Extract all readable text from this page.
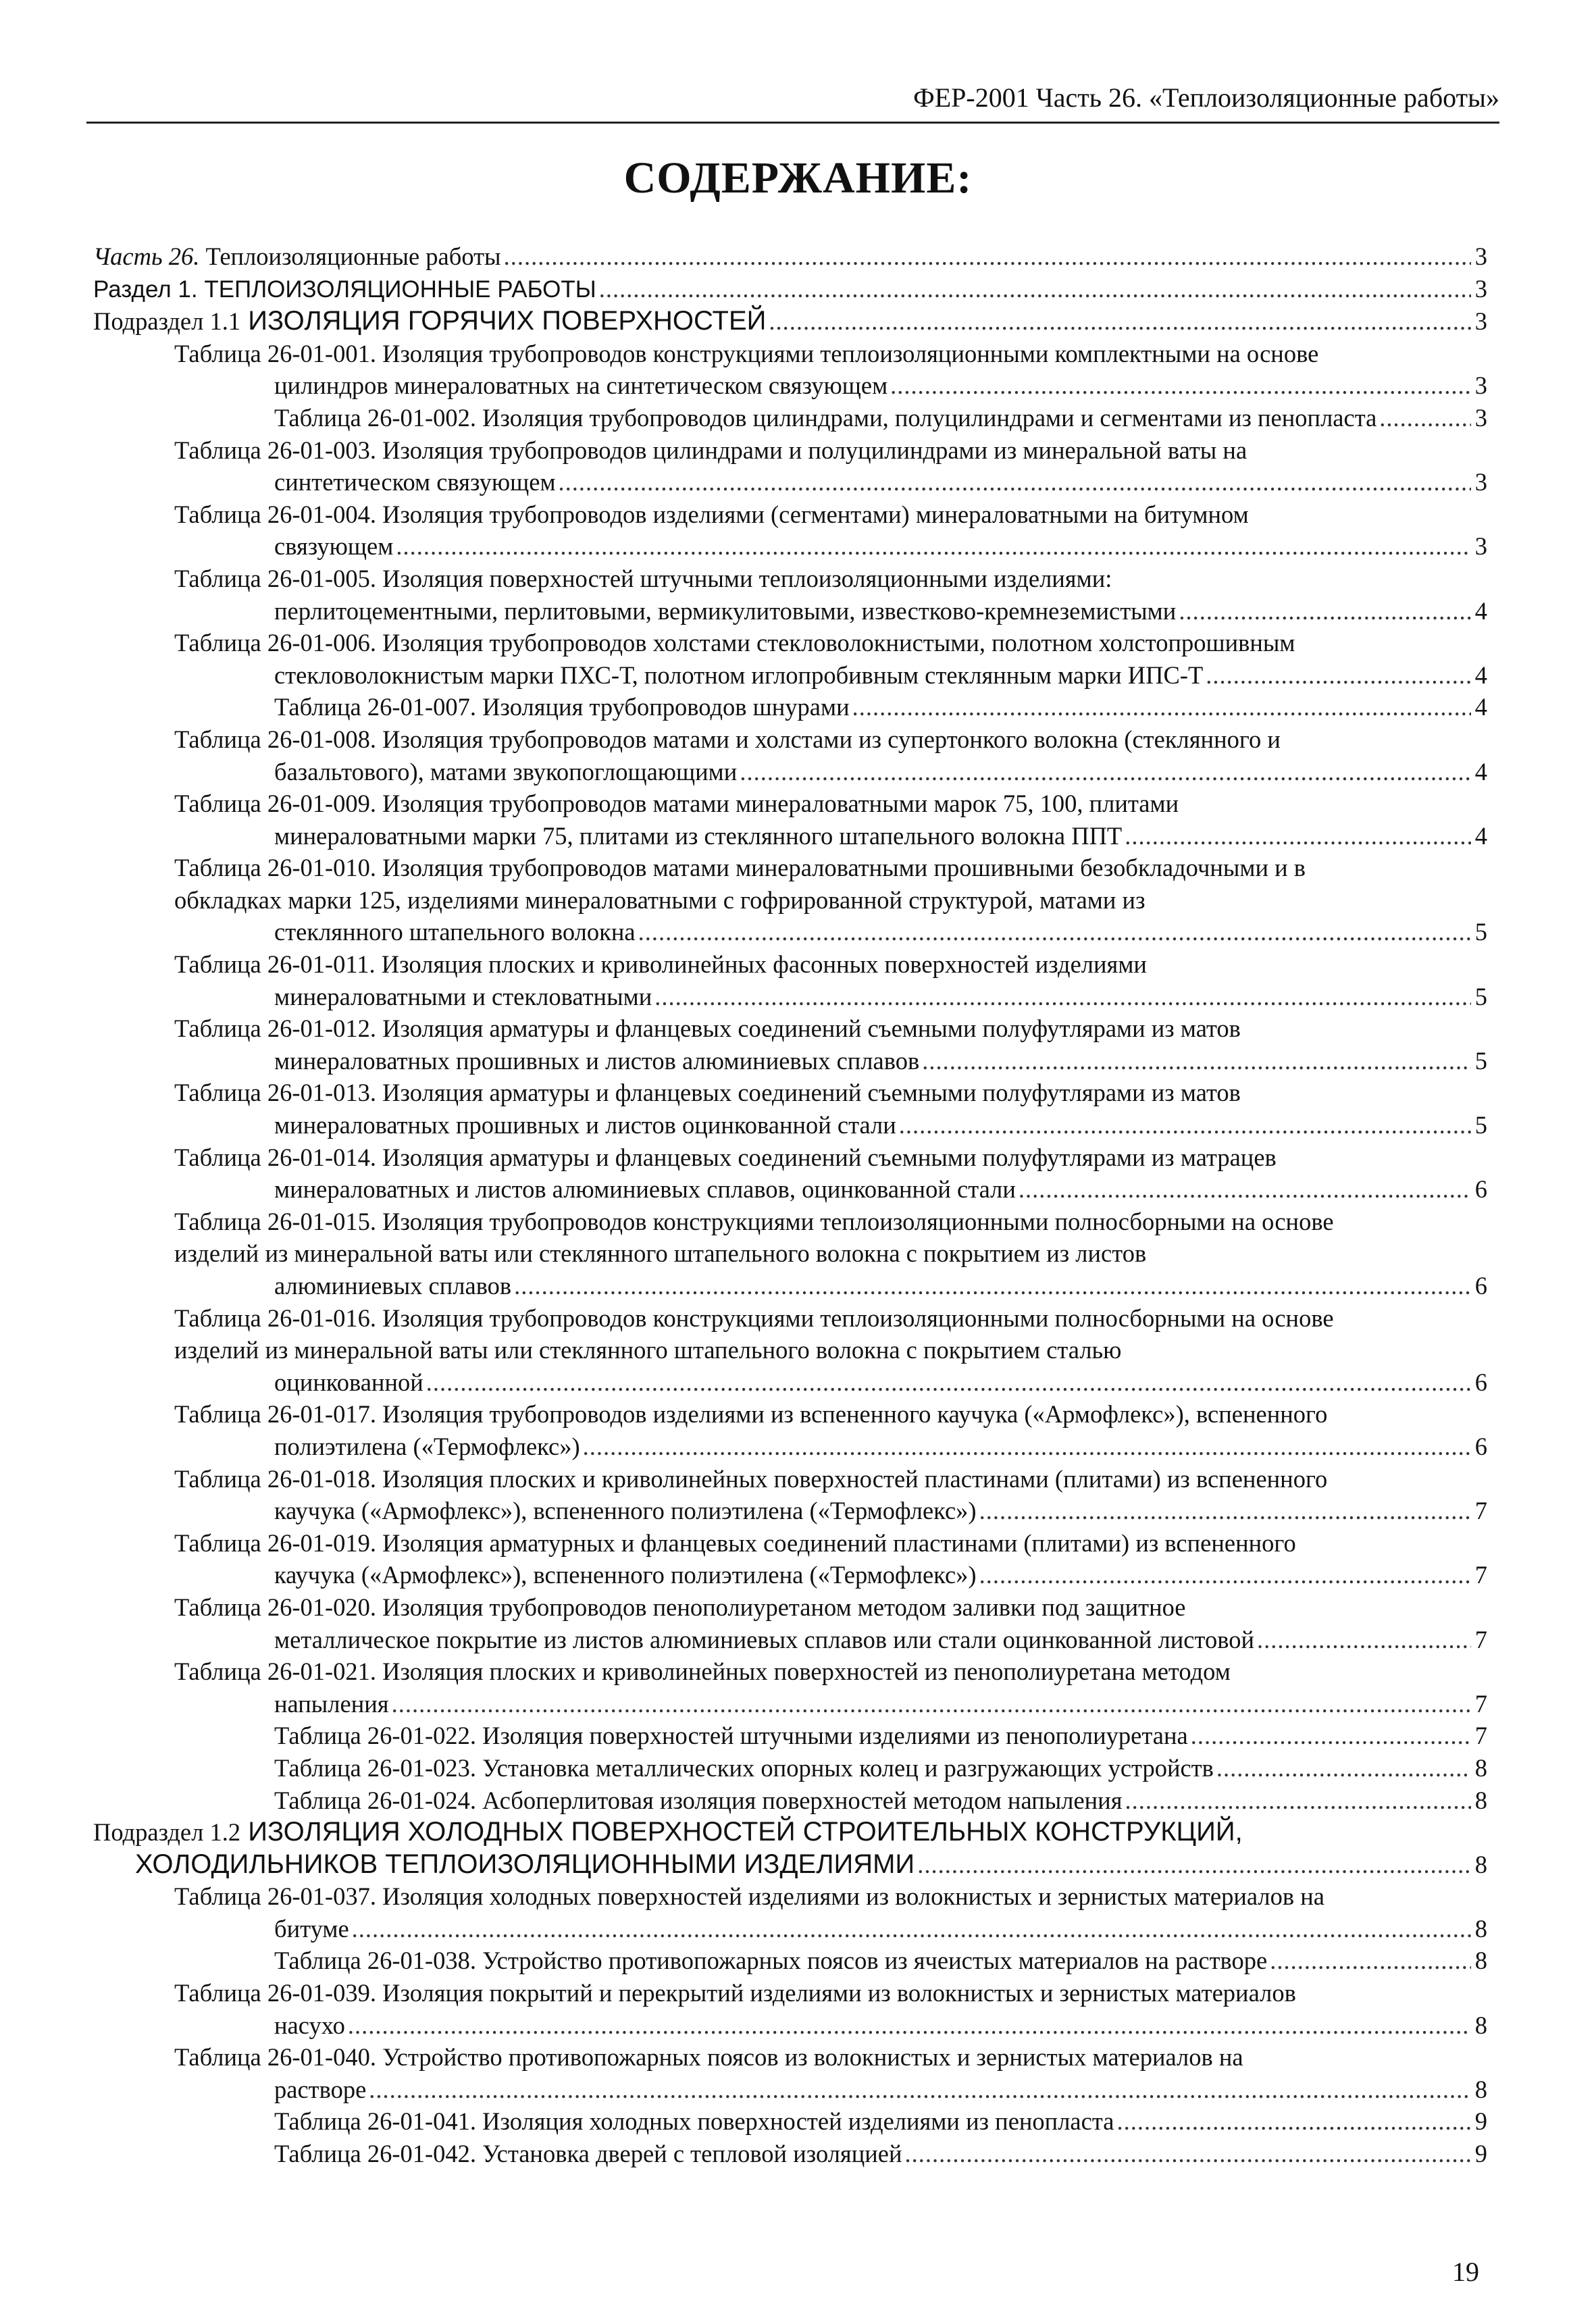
ФЕР-2001 Часть 26. «Теплоизоляционные работы»
СОДЕРЖАНИЕ:
Часть 26. Теплоизоляционные работы .....	3
Раздел 1. ТЕПЛОИЗОЛЯЦИОННЫЕ РАБОТЫ .....	3
Подраздел 1.1 ИЗОЛЯЦИЯ ГОРЯЧИХ ПОВЕРХНОСТЕЙ .....	3
Таблица 26-01-001. Изоляция трубопроводов конструкциями теплоизоляционными комплектными на основе
цилиндров минераловатных на синтетическом связующем .....	3
Таблица 26-01-002. Изоляция трубопроводов цилиндрами, полуцилиндрами и сегментами из пенопласта .....	3
Таблица 26-01-003. Изоляция трубопроводов цилиндрами и полуцилиндрами из минеральной ваты на
синтетическом связующем .....	3
Таблица 26-01-004. Изоляция трубопроводов изделиями (сегментами) минераловатными на битумном
связующем .....	3
Таблица 26-01-005. Изоляция поверхностей штучными теплоизоляционными изделиями:
перлитоцементными, перлитовыми, вермикулитовыми, известково-кремнеземистыми .....	4
Таблица 26-01-006. Изоляция трубопроводов холстами стекловолокнистыми, полотном холстопрошивным
стекловолокнистым марки ПХС-Т, полотном иглопробивным стеклянным марки ИПС-Т .....	4
Таблица 26-01-007. Изоляция трубопроводов шнурами .....	4
Таблица 26-01-008. Изоляция трубопроводов матами и холстами из супертонкого волокна (стеклянного и
базальтового), матами звукопоглощающими .....	4
Таблица 26-01-009. Изоляция трубопроводов матами минераловатными марок 75, 100, плитами
минераловатными марки 75, плитами из стеклянного штапельного волокна ППТ .....	4
Таблица 26-01-010. Изоляция трубопроводов матами минераловатными прошивными безобкладочными и в
обкладках марки 125, изделиями минераловатными с гофрированной структурой, матами из
стеклянного штапельного волокна .....	5
Таблица 26-01-011. Изоляция плоских и криволинейных фасонных поверхностей изделиями
минераловатными и стекловатными .....	5
Таблица 26-01-012. Изоляция арматуры и фланцевых соединений съемными полуфутлярами из матов
минераловатных прошивных и листов алюминиевых сплавов .....	5
Таблица 26-01-013. Изоляция арматуры и фланцевых соединений съемными полуфутлярами из матов
минераловатных прошивных и листов оцинкованной стали .....	5
Таблица 26-01-014. Изоляция арматуры и фланцевых соединений съемными полуфутлярами из матрацев
минераловатных и листов алюминиевых сплавов, оцинкованной стали .....	6
Таблица 26-01-015. Изоляция трубопроводов конструкциями теплоизоляционными полносборными на основе
изделий из минеральной ваты или стеклянного штапельного волокна с покрытием из листов
алюминиевых сплавов .....	6
Таблица 26-01-016. Изоляция трубопроводов конструкциями теплоизоляционными полносборными на основе
изделий из минеральной ваты или стеклянного штапельного волокна с покрытием сталью
оцинкованной .....	6
Таблица 26-01-017. Изоляция трубопроводов изделиями из вспененного каучука («Армофлекс»), вспененного
полиэтилена («Термофлекс») .....	6
Таблица 26-01-018. Изоляция плоских и криволинейных поверхностей пластинами (плитами) из вспененного
каучука («Армофлекс»), вспененного полиэтилена («Термофлекс») .....	7
Таблица 26-01-019. Изоляция арматурных и фланцевых соединений пластинами (плитами) из вспененного
каучука («Армофлекс»), вспененного полиэтилена («Термофлекс») .....	7
Таблица 26-01-020. Изоляция трубопроводов пенополиуретаном методом заливки под защитное
металлическое покрытие из листов алюминиевых сплавов или стали оцинкованной листовой .....	7
Таблица 26-01-021. Изоляция плоских и криволинейных поверхностей из пенополиуретана методом
напыления .....	7
Таблица 26-01-022. Изоляция поверхностей штучными изделиями из пенополиуретана .....	7
Таблица 26-01-023. Установка металлических опорных колец и разгружающих устройств .....	8
Таблица 26-01-024. Асбоперлитовая изоляция поверхностей методом напыления .....	8
Подраздел 1.2 ИЗОЛЯЦИЯ ХОЛОДНЫХ ПОВЕРХНОСТЕЙ СТРОИТЕЛЬНЫХ КОНСТРУКЦИЙ,
ХОЛОДИЛЬНИКОВ ТЕПЛОИЗОЛЯЦИОННЫМИ ИЗДЕЛИЯМИ .....	8
Таблица 26-01-037. Изоляция холодных поверхностей изделиями из волокнистых и зернистых материалов на
битуме .....	8
Таблица 26-01-038. Устройство противопожарных поясов из ячеистых материалов на растворе .....	8
Таблица 26-01-039. Изоляция покрытий и перекрытий изделиями из волокнистых и зернистых материалов
насухо .....	8
Таблица 26-01-040. Устройство противопожарных поясов из волокнистых и зернистых материалов на
растворе .....	8
Таблица 26-01-041. Изоляция холодных поверхностей изделиями из пенопласта .....	9
Таблица 26-01-042. Установка дверей с тепловой изоляцией .....	9
19
